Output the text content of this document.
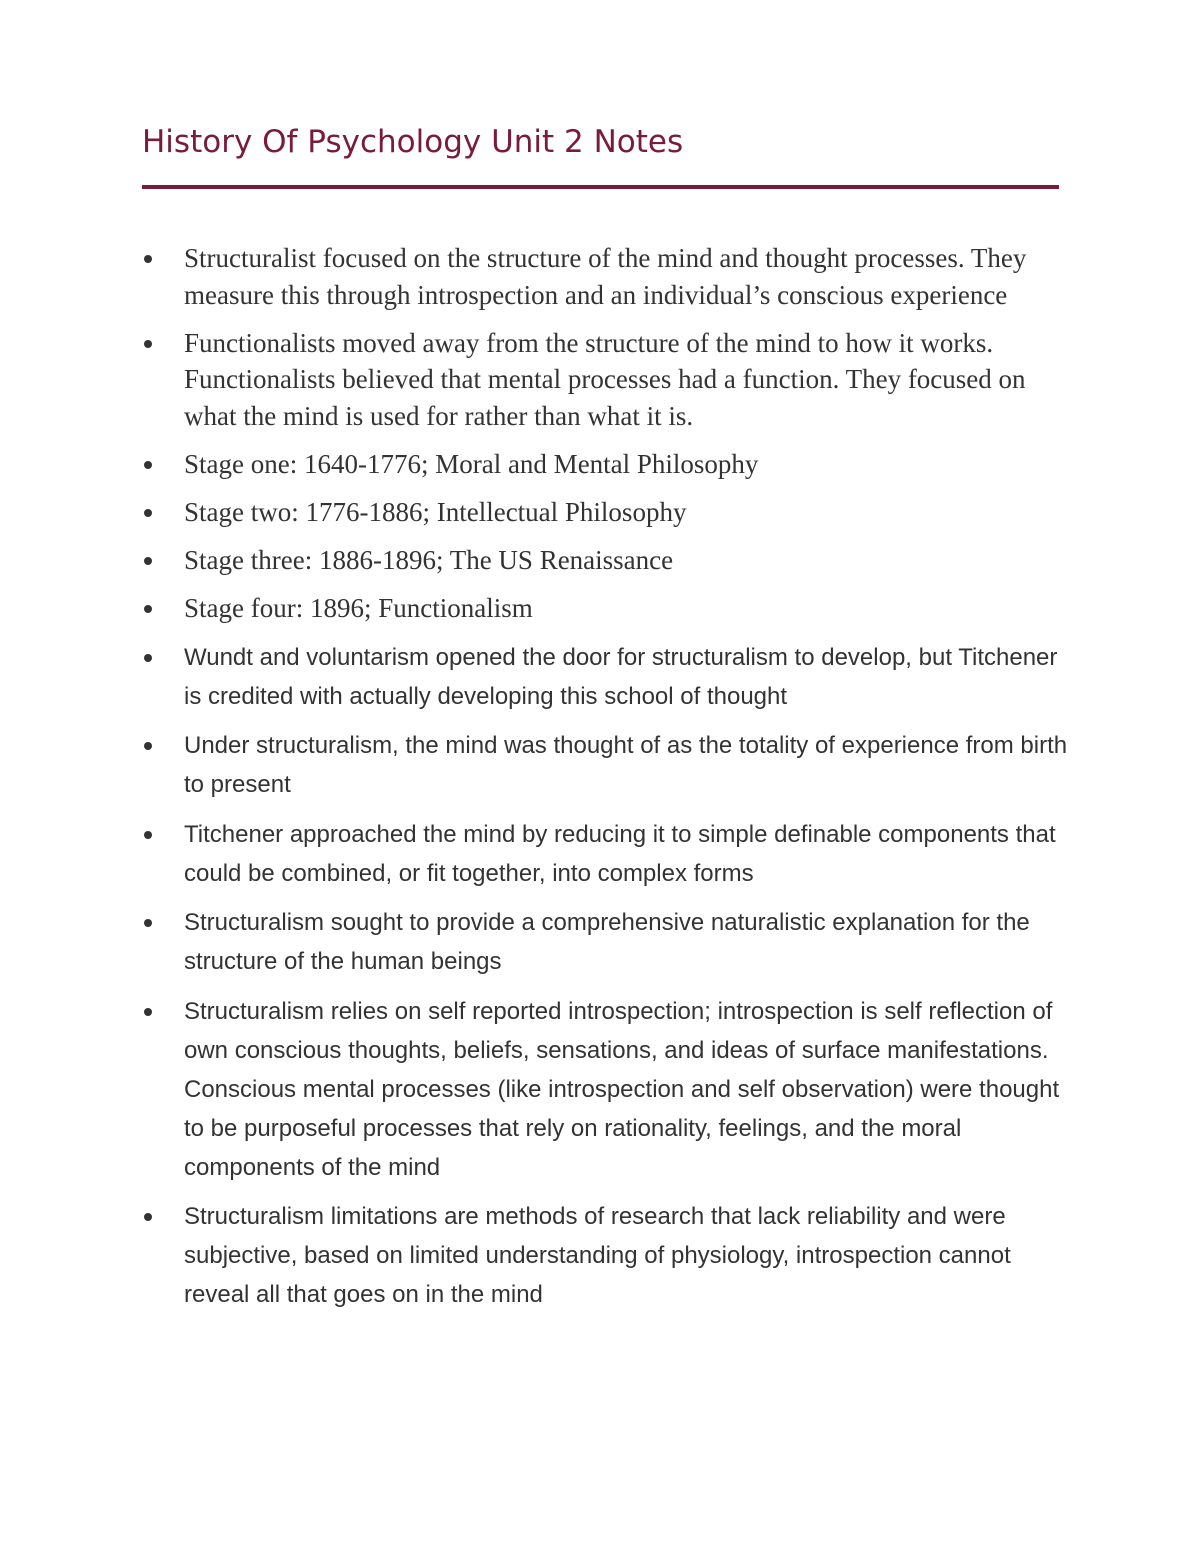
History Of Psychology Unit 2 Notes
Structuralist focused on the structure of the mind and thought processes. They measure this through introspection and an individual’s conscious experience
Functionalists moved away from the structure of the mind to how it works. Functionalists believed that mental processes had a function. They focused on what the mind is used for rather than what it is.
Stage one: 1640-1776; Moral and Mental Philosophy
Stage two: 1776-1886; Intellectual Philosophy
Stage three: 1886-1896; The US Renaissance
Stage four: 1896; Functionalism
Wundt and voluntarism opened the door for structuralism to develop, but Titchener is credited with actually developing this school of thought
Under structuralism, the mind was thought of as the totality of experience from birth to present
Titchener approached the mind by reducing it to simple definable components that could be combined, or fit together, into complex forms
Structuralism sought to provide a comprehensive naturalistic explanation for the structure of the human beings
Structuralism relies on self reported introspection; introspection is self reflection of own conscious thoughts, beliefs, sensations, and ideas of surface manifestations. Conscious mental processes (like introspection and self observation) were thought to be purposeful processes that rely on rationality, feelings, and the moral components of the mind
Structuralism limitations are methods of research that lack reliability and were subjective, based on limited understanding of physiology, introspection cannot reveal all that goes on in the mind
